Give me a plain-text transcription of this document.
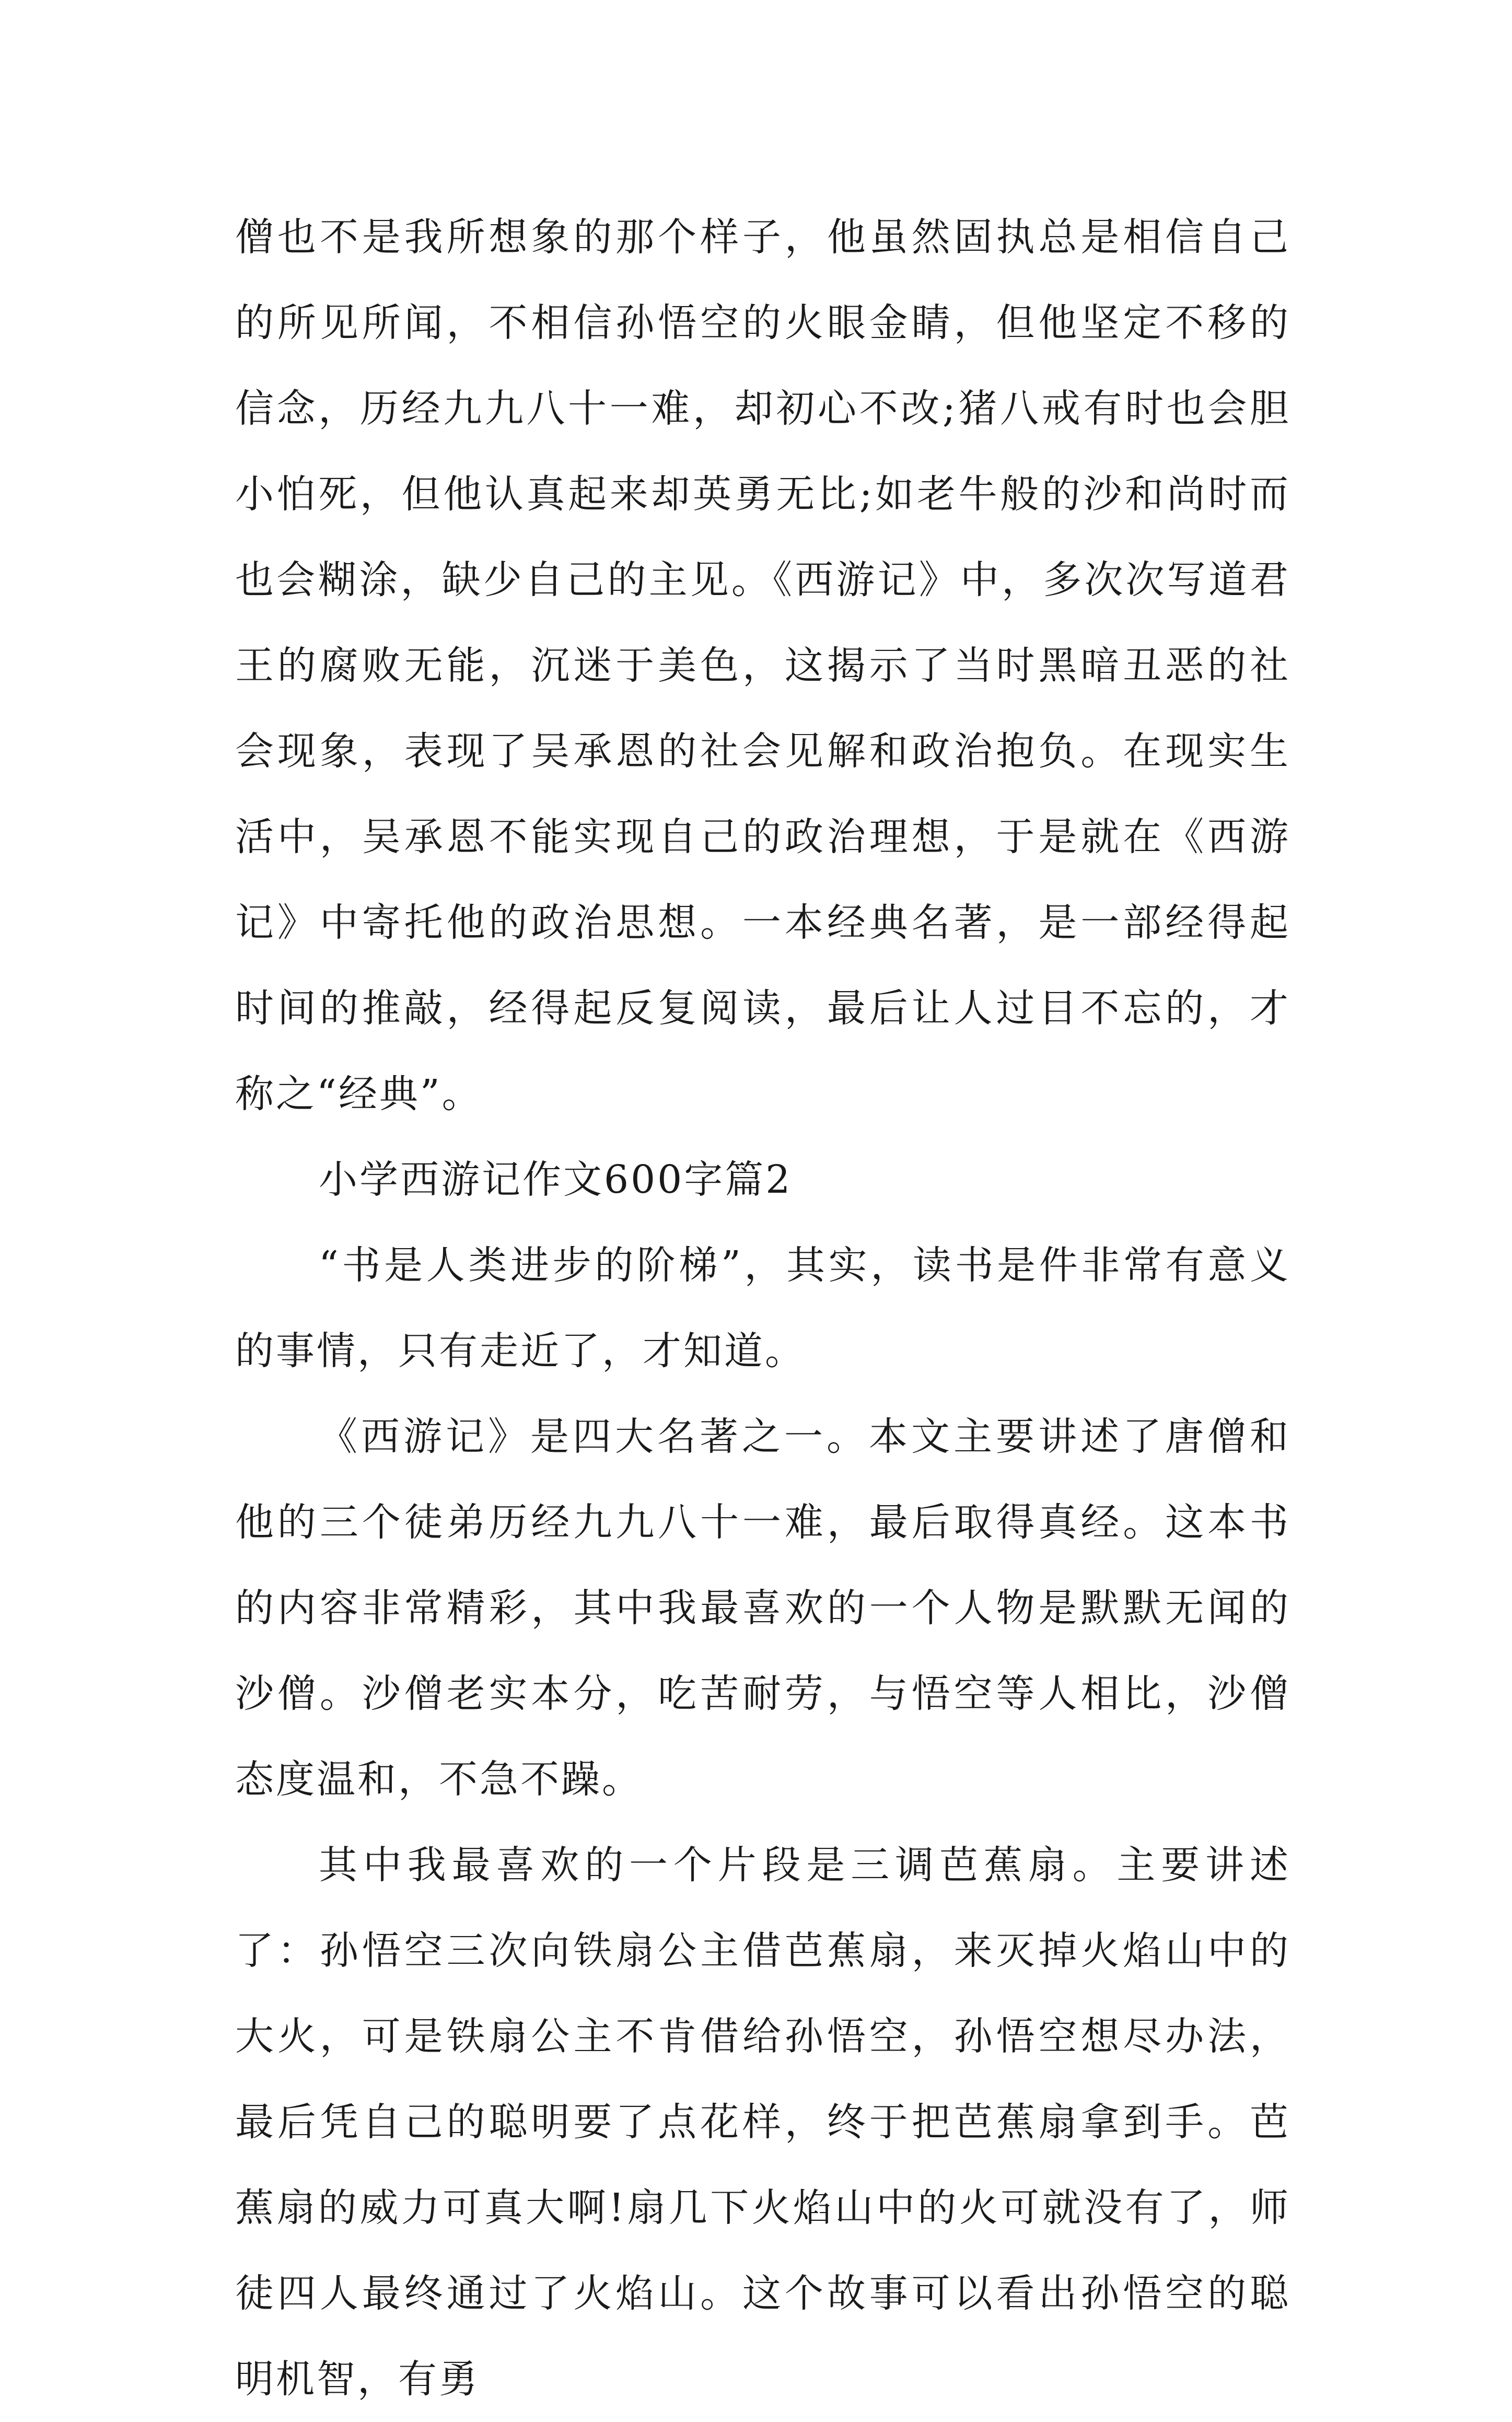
僧也不是我所想象的那个样子，他虽然固执总是相信自己的所见所闻，不相信孙悟空的火眼金睛，但他坚定不移的信念，历经九九八十一难，却初心不改;猪八戒有时也会胆小怕死，但他认真起来却英勇无比;如老牛般的沙和尚时而也会糊涂，缺少自己的主见。《西游记》中，多次次写道君王的腐败无能，沉迷于美色，这揭示了当时黑暗丑恶的社会现象，表现了吴承恩的社会见解和政治抱负。在现实生活中，吴承恩不能实现自己的政治理想，于是就在《西游记》中寄托他的政治思想。一本经典名著，是一部经得起时间的推敲，经得起反复阅读，最后让人过目不忘的，才称之“经典”。

小学西游记作文600字篇2

“书是人类进步的阶梯”，其实，读书是件非常有意义的事情，只有走近了，才知道。

《西游记》是四大名著之一。本文主要讲述了唐僧和他的三个徒弟历经九九八十一难，最后取得真经。这本书的内容非常精彩，其中我最喜欢的一个人物是默默无闻的沙僧。沙僧老实本分，吃苦耐劳，与悟空等人相比，沙僧态度温和，不急不躁。

其中我最喜欢的一个片段是三调芭蕉扇。主要讲述了：孙悟空三次向铁扇公主借芭蕉扇，来灭掉火焰山中的大火，可是铁扇公主不肯借给孙悟空，孙悟空想尽办法，最后凭自己的聪明要了点花样，终于把芭蕉扇拿到手。芭蕉扇的威力可真大啊!扇几下火焰山中的火可就没有了，师徒四人最终通过了火焰山。这个故事可以看出孙悟空的聪明机智，有勇
